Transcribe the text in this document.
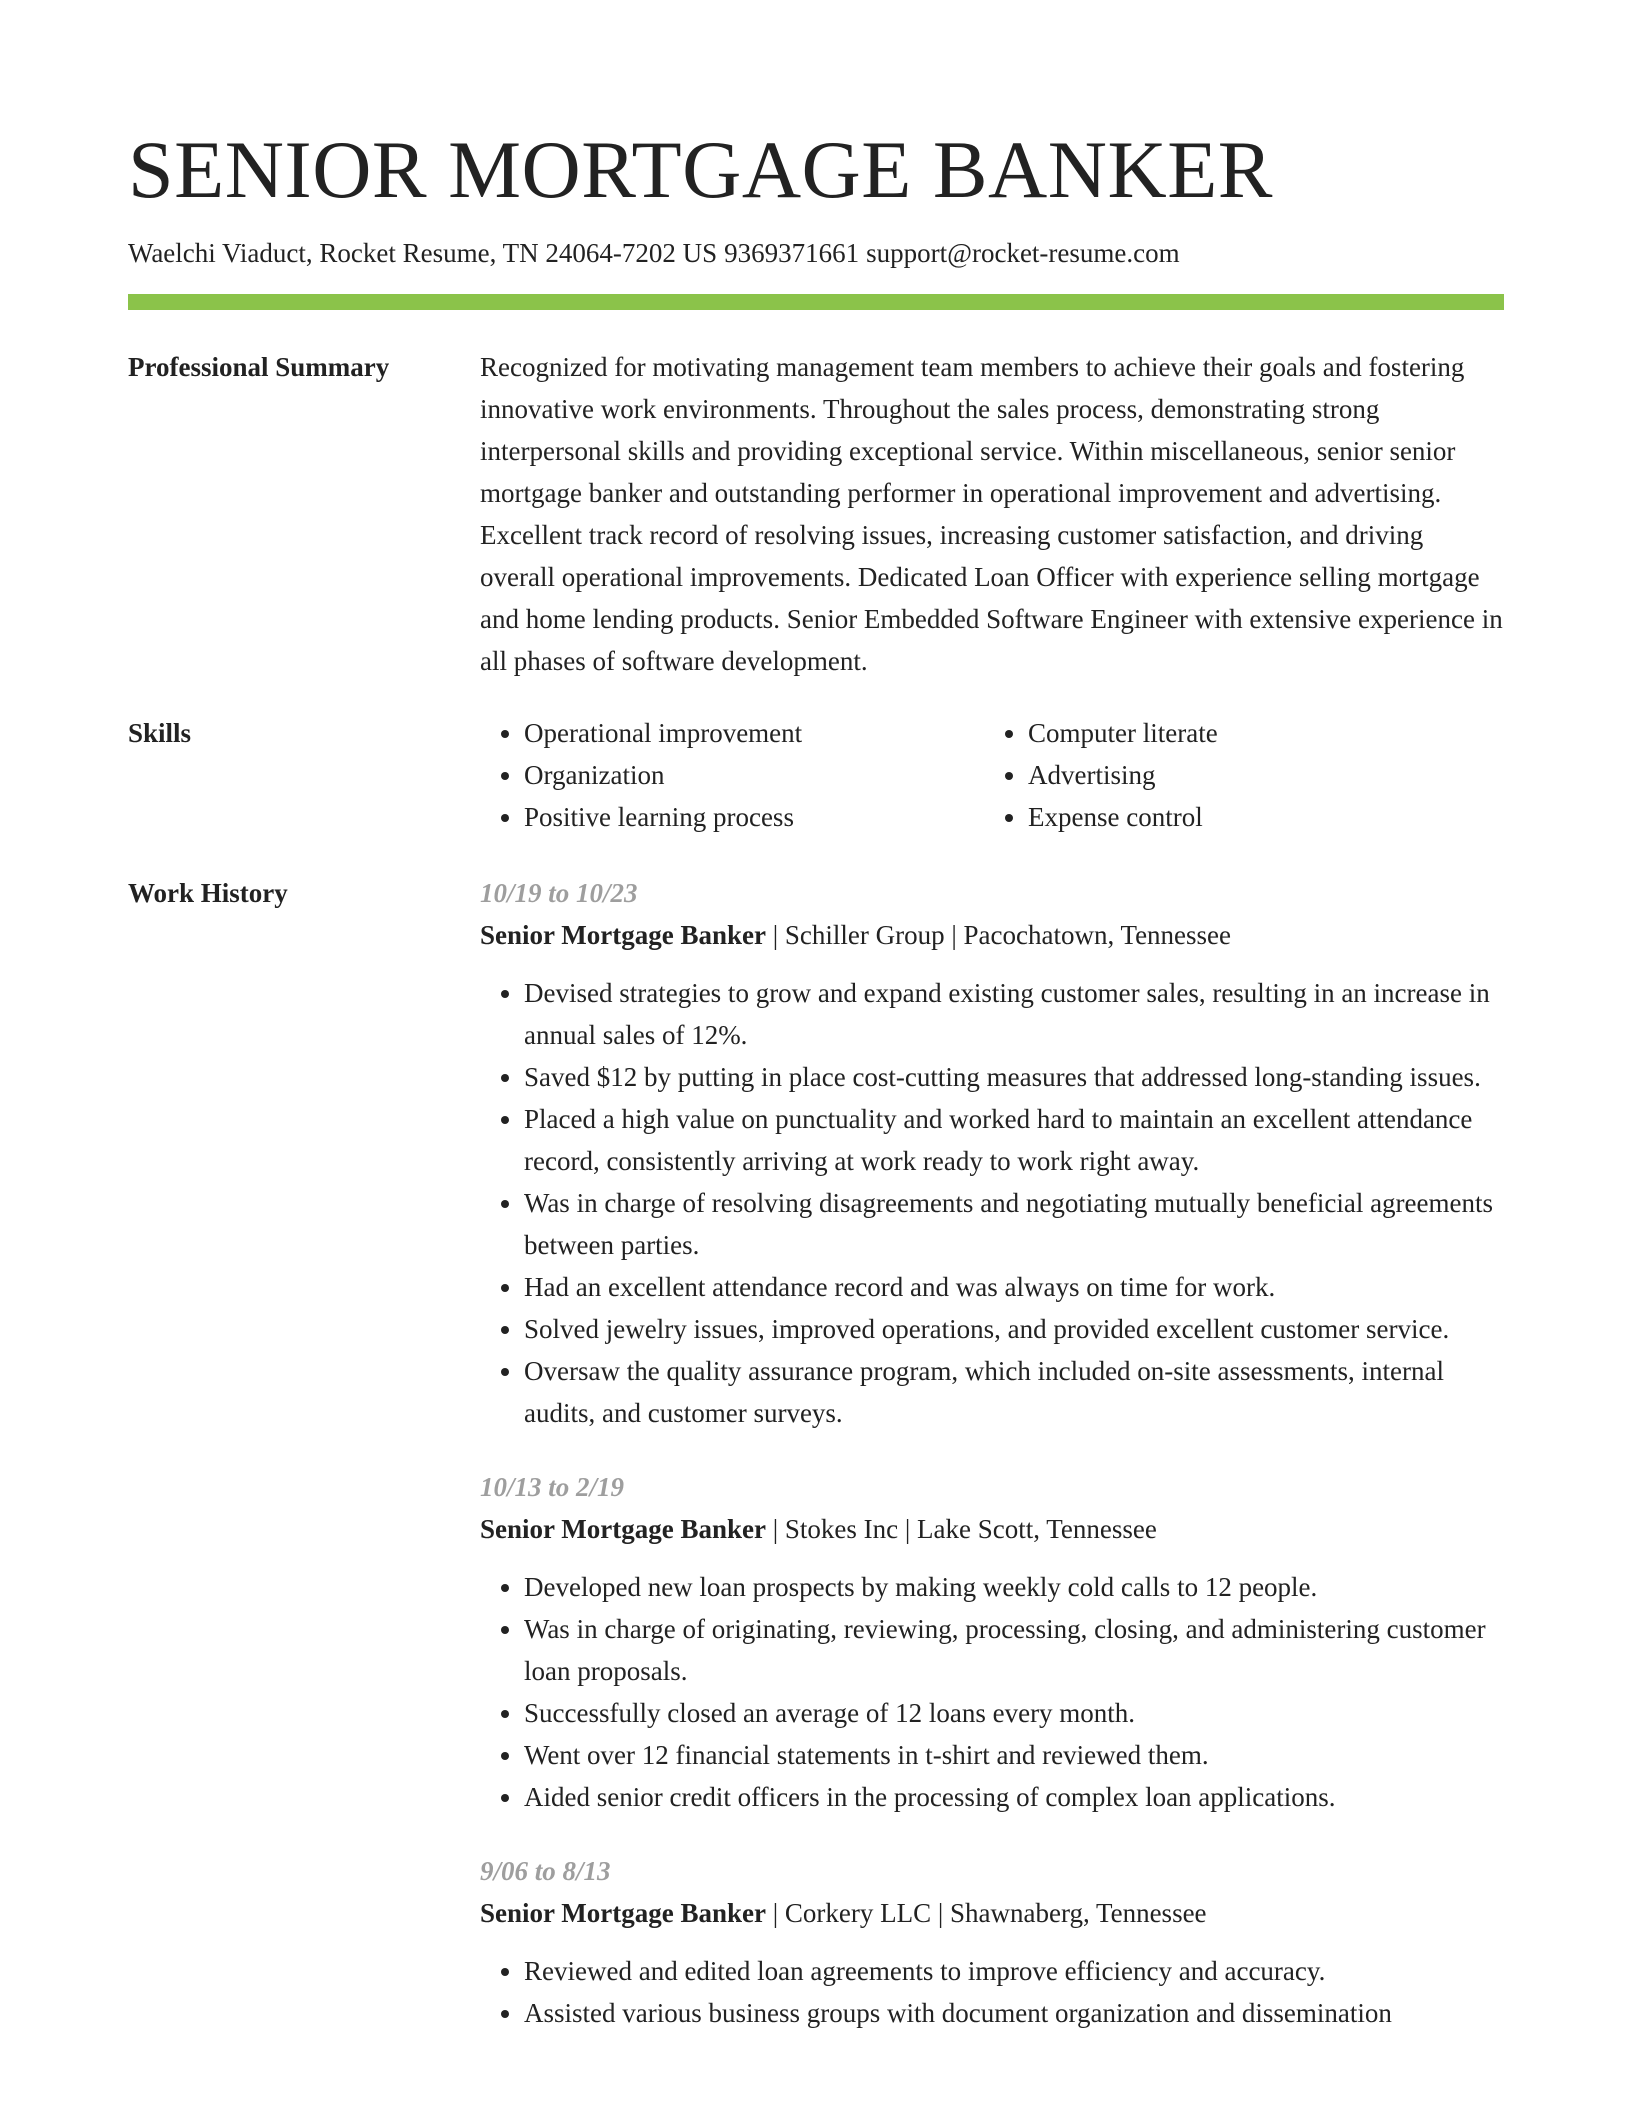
SENIOR MORTGAGE BANKER
Waelchi Viaduct, Rocket Resume, TN 24064-7202 US 9369371661 support@rocket-resume.com
Professional Summary	Recognized for motivating management team members to achieve their goals and fostering innovative work environments. Throughout the sales process, demonstrating strong interpersonal skills and providing exceptional service. Within miscellaneous, senior senior mortgage banker and outstanding performer in operational improvement and advertising. Excellent track record of resolving issues, increasing customer satisfaction, and driving overall operational improvements. Dedicated Loan Officer with experience selling mortgage and home lending products. Senior Embedded Software Engineer with extensive experience in all phases of software development.

Skills
•	Operational improvement
• Organization
• Positive learning process
• Computer literate
• Advertising
• Expense control
Work History	10/19 to 10/23
Senior Mortgage Banker | Schiller Group | Pacochatown, Tennessee
• Devised strategies to grow and expand existing customer sales, resulting in an increase in annual sales of 12%.
• Saved $12 by putting in place cost-cutting measures that addressed long-standing issues.
• Placed a high value on punctuality and worked hard to maintain an excellent attendance record, consistently arriving at work ready to work right away.
• Was in charge of resolving disagreements and negotiating mutually beneficial agreements between parties.
• Had an excellent attendance record and was always on time for work.
• Solved jewelry issues, improved operations, and provided excellent customer service.
• Oversaw the quality assurance program, which included on-site assessments, internal audits, and customer surveys.
10/13 to 2/19
Senior Mortgage Banker | Stokes Inc | Lake Scott, Tennessee
• Developed new loan prospects by making weekly cold calls to 12 people.
• Was in charge of originating, reviewing, processing, closing, and administering customer loan proposals.
• Successfully closed an average of 12 loans every month.
• Went over 12 financial statements in t-shirt and reviewed them.
• Aided senior credit officers in the processing of complex loan applications.
9/06 to 8/13
Senior Mortgage Banker | Corkery LLC | Shawnaberg, Tennessee
• Reviewed and edited loan agreements to improve efficiency and accuracy.
• Assisted various business groups with document organization and dissemination
